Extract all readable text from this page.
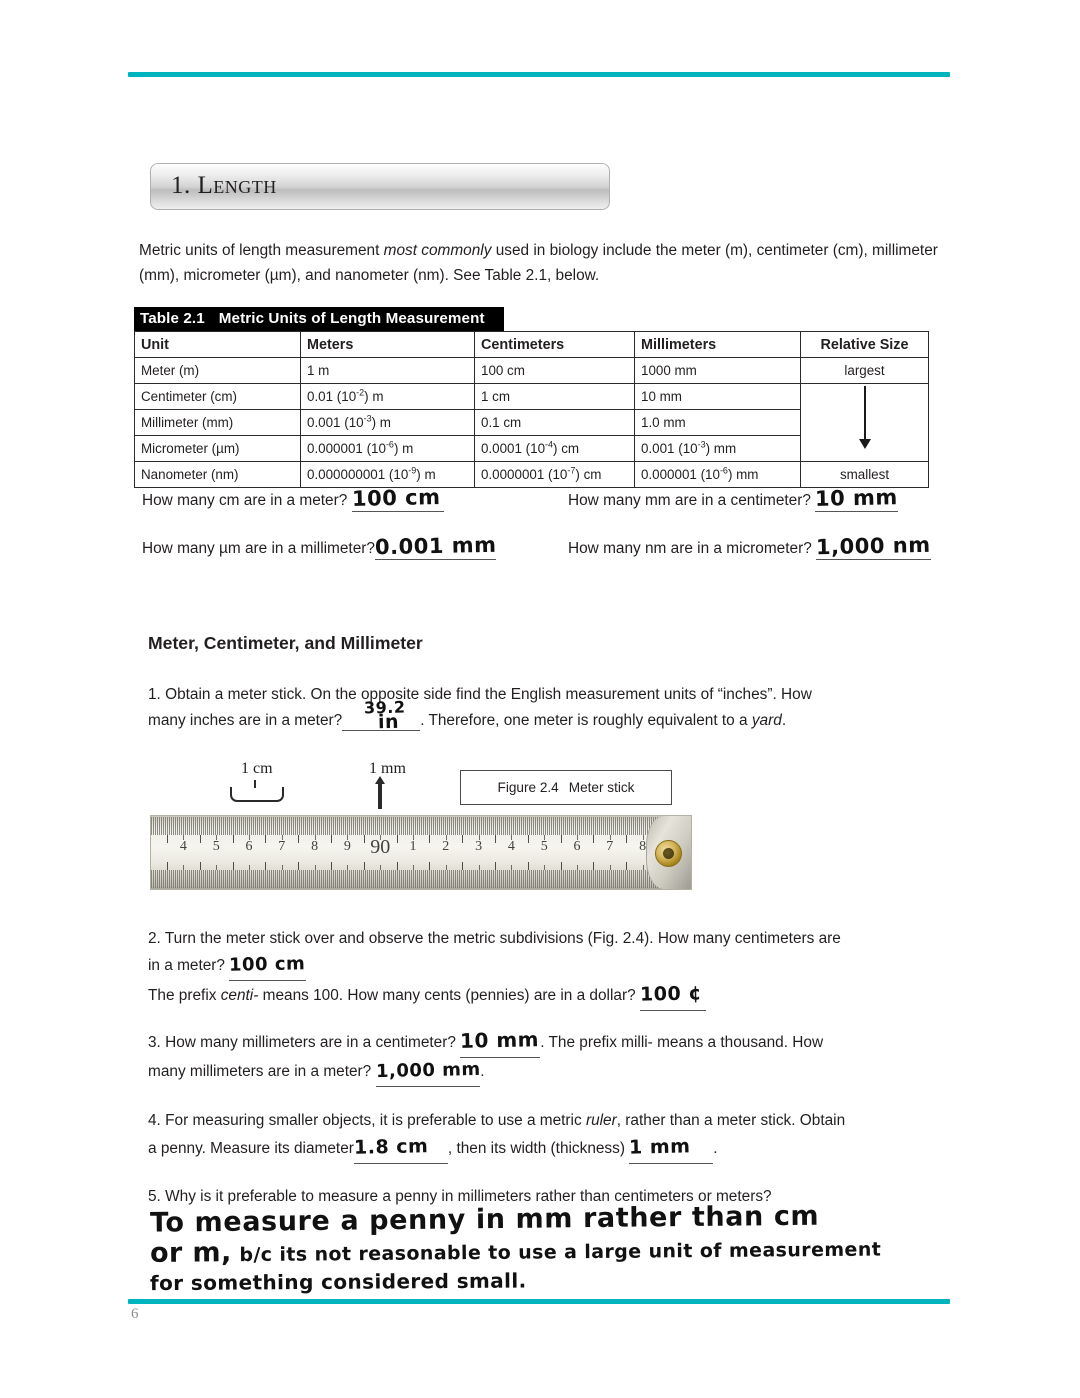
1. Length
Metric units of length measurement most commonly used in biology include the meter (m), centimeter (cm), millimeter (mm), micrometer (µm), and nanometer (nm). See Table 2.1, below.
Table 2.1 Metric Units of Length Measurement
Unit	Meters	Centimeters	Millimeters	Relative Size
Meter (m)	1 m	100 cm	1000 mm	largest
Centimeter (cm)	0.01 $(10^{-2})$ m	1 cm	10 mm	

Millimeter (mm)	0.001 $(10^{-3})$ m	0.1 cm	1.0 mm	
Micrometer (µm)	0.000001 $(10^{-6})$ m	0.0001 $(10^{-4})$ cm	0.001 $(10^{-3})$ mm	
Nanometer (nm)	0.000000001 $(10^{-9})$ m	0.0000001 $(10^{-7})$ cm	0.000001 $(10^{-6})$ mm	smallest
How many cm are in a meter? 100 cm	How many mm are in a centimeter? 10 mm
How many µm are in a millimeter?0.001 mm	How many nm are in a micrometer? 1,000 nm
Meter, Centimeter, and Millimeter
1. Obtain a meter stick. On the opposite side find the English measurement units of “inches”. How
many inches are in a meter?
39.2
in . Therefore, one meter is roughly equivalent to a yard.
1 cm	1 mm
Figure 2.4 Meter stick
4 5 6 7 8 9 90 1 2 3 4 5 6 7 8
2. Turn the meter stick over and observe the metric subdivisions (Fig. 2.4). How many centimeters are
in a meter? 100 cm
The prefix centi- means 100. How many cents (pennies) are in a dollar? 100 ¢
3. How many millimeters are in a centimeter? 10 mm. The prefix milli- means a thousand. How
many millimeters are in a meter? 1,000 mm.
4. For measuring smaller objects, it is preferable to use a metric ruler, rather than a meter stick. Obtain
a penny. Measure its diameter1.8 cm , then its width (thickness) 1 mm .
5. Why is it preferable to measure a penny in millimeters rather than centimeters or meters?
To measure a penny in mm rather than cm
or m, b/c its not reasonable to use a large unit of measurement
for something considered small.
6
